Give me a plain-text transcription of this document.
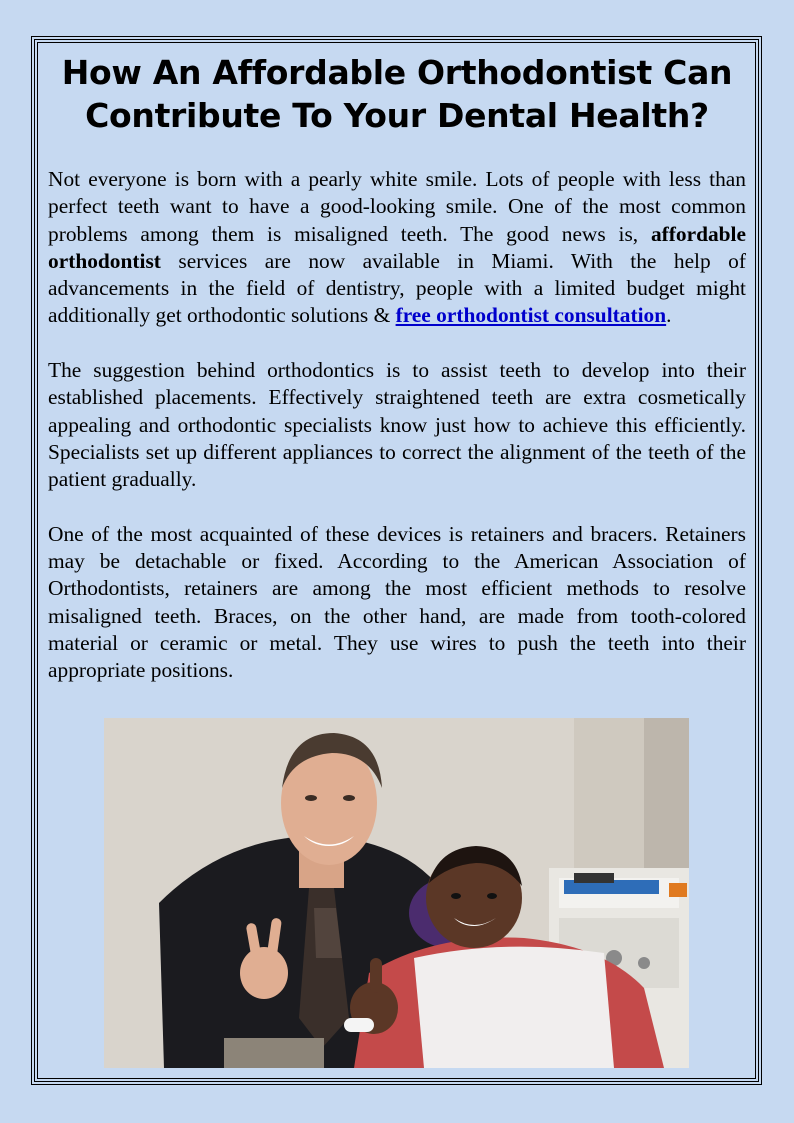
How An Affordable Orthodontist Can Contribute To Your Dental Health?

Not everyone is born with a pearly white smile. Lots of people with less than perfect teeth want to have a good-looking smile. One of the most common problems among them is misaligned teeth. The good news is, affordable orthodontist services are now available in Miami. With the help of advancements in the field of dentistry, people with a limited budget might additionally get orthodontic solutions & free orthodontist consultation.

The suggestion behind orthodontics is to assist teeth to develop into their established placements. Effectively straightened teeth are extra cosmetically appealing and orthodontic specialists know just how to achieve this efficiently. Specialists set up different appliances to correct the alignment of the teeth of the patient gradually.

One of the most acquainted of these devices is retainers and bracers. Retainers may be detachable or fixed. According to the American Association of Orthodontists, retainers are among the most efficient methods to resolve misaligned teeth. Braces, on the other hand, are made from tooth-colored material or ceramic or metal. They use wires to push the teeth into their appropriate positions.
